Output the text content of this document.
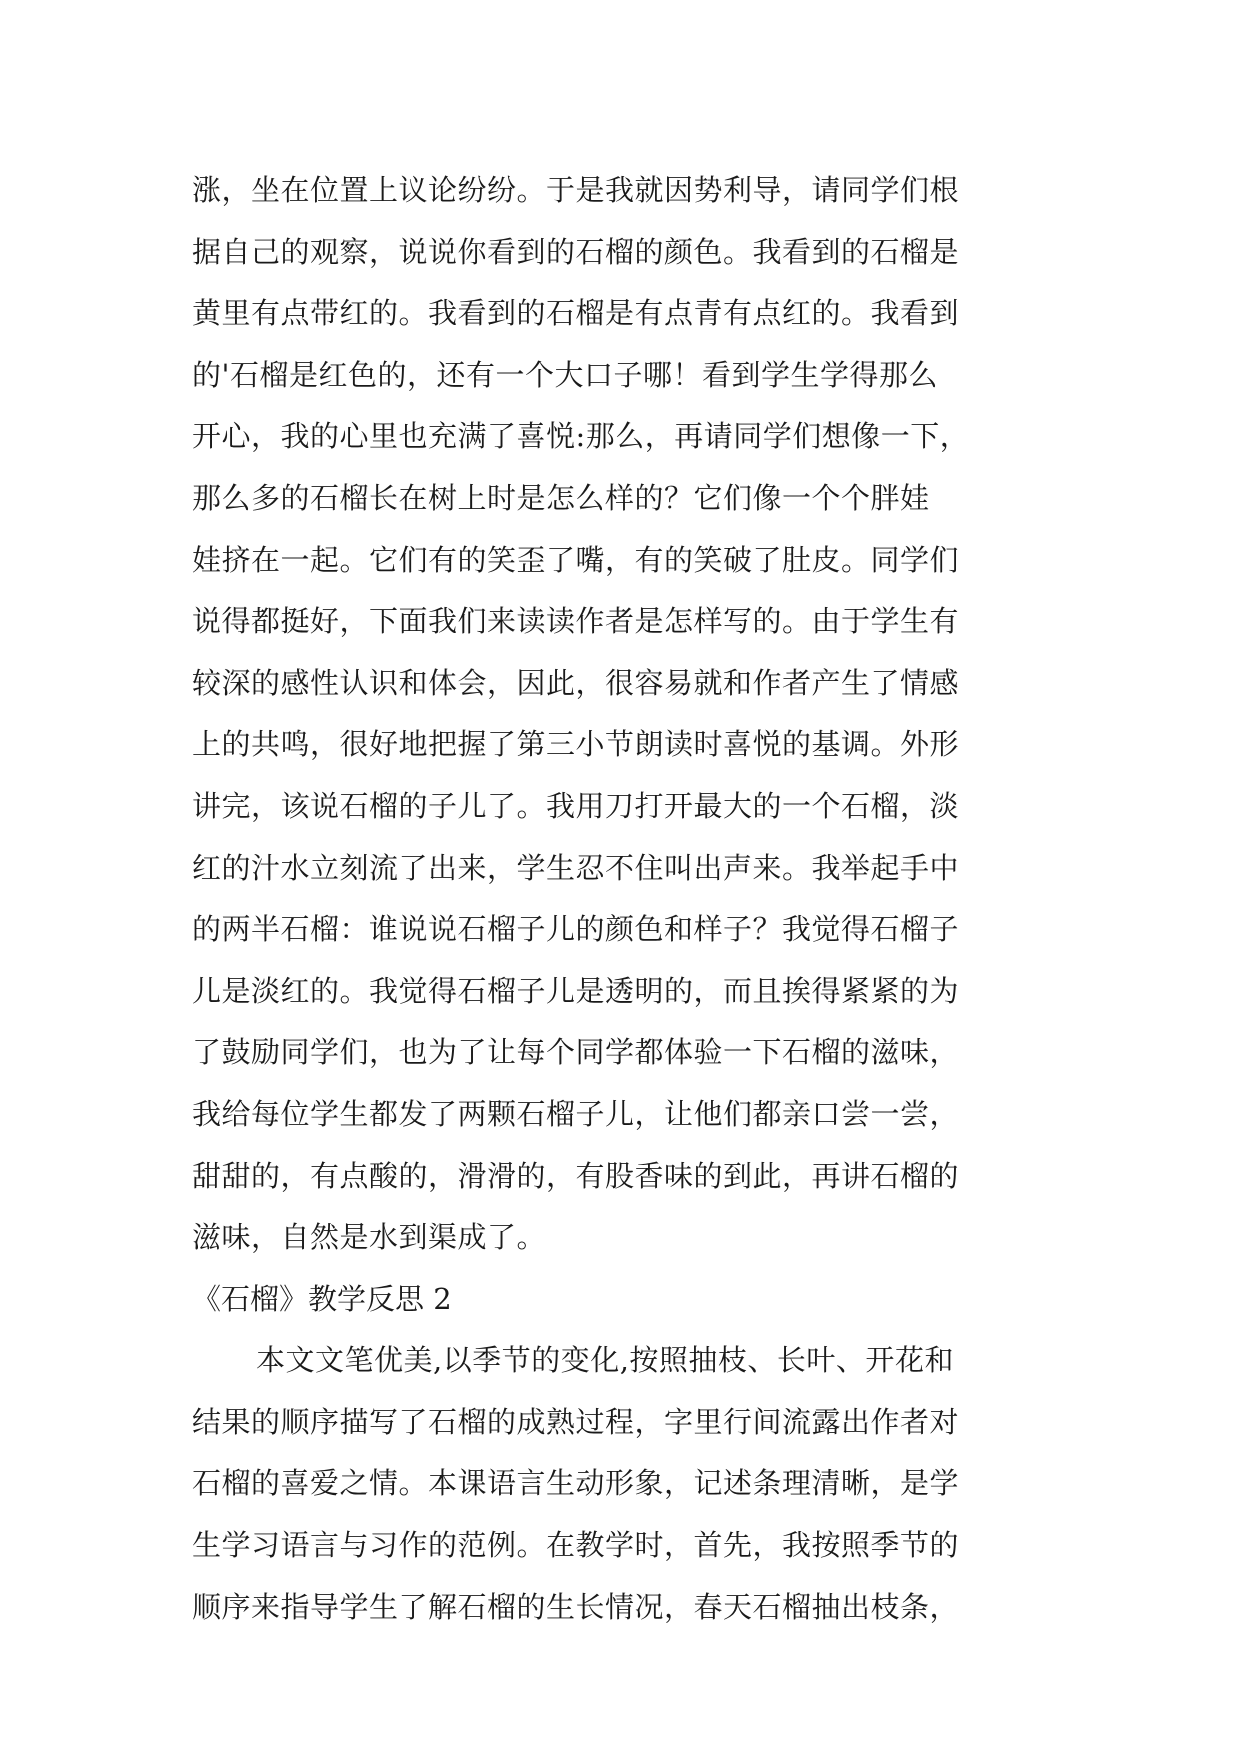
涨，坐在位置上议论纷纷。于是我就因势利导，请同学们根
据自己的观察，说说你看到的石榴的颜色。我看到的石榴是
黄里有点带红的。我看到的石榴是有点青有点红的。我看到
的'石榴是红色的，还有一个大口子哪！看到学生学得那么
开心，我的心里也充满了喜悦:那么，再请同学们想像一下，
那么多的石榴长在树上时是怎么样的？它们像一个个胖娃
娃挤在一起。它们有的笑歪了嘴，有的笑破了肚皮。同学们
说得都挺好，下面我们来读读作者是怎样写的。由于学生有
较深的感性认识和体会，因此，很容易就和作者产生了情感
上的共鸣，很好地把握了第三小节朗读时喜悦的基调。外形
讲完，该说石榴的子儿了。我用刀打开最大的一个石榴，淡
红的汁水立刻流了出来，学生忍不住叫出声来。我举起手中
的两半石榴：谁说说石榴子儿的颜色和样子？我觉得石榴子
儿是淡红的。我觉得石榴子儿是透明的，而且挨得紧紧的为
了鼓励同学们，也为了让每个同学都体验一下石榴的滋味，
我给每位学生都发了两颗石榴子儿，让他们都亲口尝一尝，
甜甜的，有点酸的，滑滑的，有股香味的到此，再讲石榴的
滋味，自然是水到渠成了。
《石榴》教学反思 2
本文文笔优美,以季节的变化,按照抽枝、长叶、开花和
结果的顺序描写了石榴的成熟过程，字里行间流露出作者对
石榴的喜爱之情。本课语言生动形象，记述条理清晰，是学
生学习语言与习作的范例。在教学时，首先，我按照季节的
顺序来指导学生了解石榴的生长情况，春天石榴抽出枝条，
